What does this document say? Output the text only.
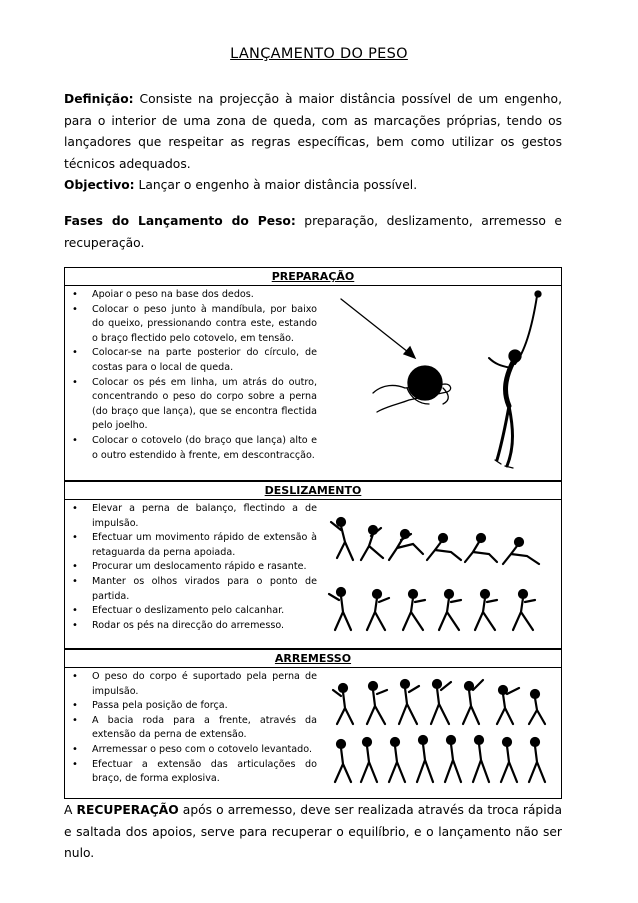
LANÇAMENTO DO PESO

Definição: Consiste na projecção à maior distância possível de um engenho, para o interior de uma zona de queda, com as marcações próprias, tendo os lançadores que respeitar as regras específicas, bem como utilizar os gestos técnicos adequados.

Objectivo: Lançar o engenho à maior distância possível.

Fases do Lançamento do Peso: preparação, deslizamento, arremesso e recuperação.

PREPARAÇÃO
• Apoiar o peso na base dos dedos.
• Colocar o peso junto à mandíbula, por baixo do queixo, pressionando contra este, estando o braço flectido pelo cotovelo, em tensão.
• Colocar-se na parte posterior do círculo, de costas para o local de queda.
• Colocar os pés em linha, um atrás do outro, concentrando o peso do corpo sobre a perna (do braço que lança), que se encontra flectida pelo joelho.
• Colocar o cotovelo (do braço que lança) alto e o outro estendido à frente, em descontracção.
DESLIZAMENTO
• Elevar a perna de balanço, flectindo a de impulsão.
• Efectuar um movimento rápido de extensão à retaguarda da perna apoiada.
• Procurar um deslocamento rápido e rasante.
• Manter os olhos virados para o ponto de partida.
• Efectuar o deslizamento pelo calcanhar.
• Rodar os pés na direcção do arremesso.
ARREMESSO
• O peso do corpo é suportado pela perna de impulsão.
• Passa pela posição de força.
• A bacia roda para a frente, através da extensão da perna de extensão.
• Arremessar o peso com o cotovelo levantado.
• Efectuar a extensão das articulações do braço, de forma explosiva.

A RECUPERAÇÃO após o arremesso, deve ser realizada através da troca rápida e saltada dos apoios, serve para recuperar o equilíbrio, e o lançamento não ser nulo.
